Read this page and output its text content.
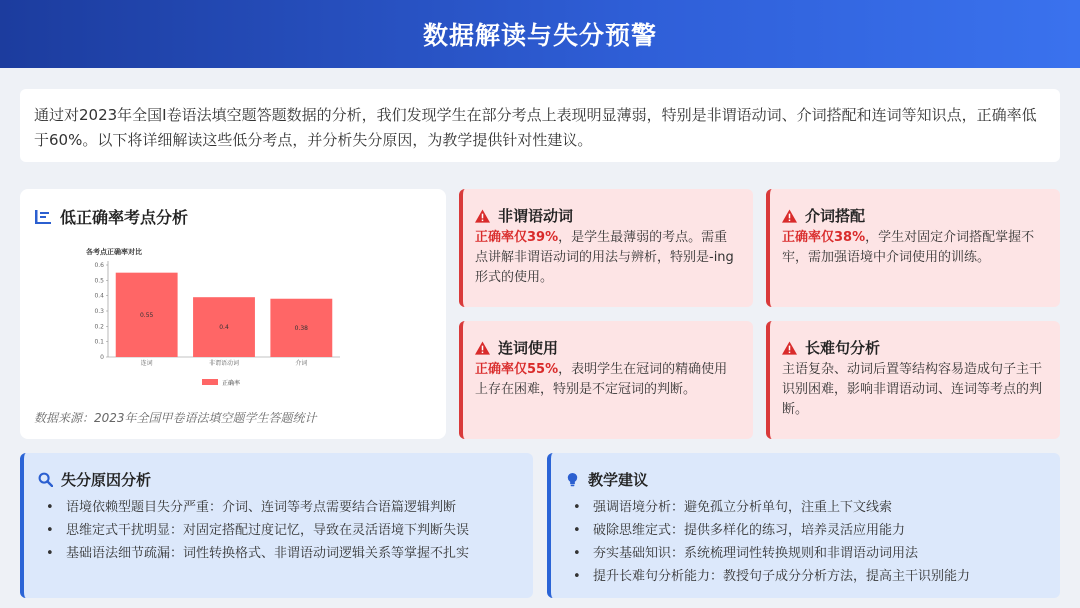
数据解读与失分预警
通过对2023年全国I卷语法填空题答题数据的分析，我们发现学生在部分考点上表现明显薄弱，特别是非谓语动词、介词搭配和连词等知识点，正确率低于60%。以下将详细解读这些低分考点，并分析失分原因，为教学提供针对性建议。
低正确率考点分析
各考点正确率对比
0
0.1
0.2
0.3
0.4
0.5
0.6
0.55
连词
0.4
非谓语动词
0.38
介词
正确率
数据来源：2023年全国甲卷语法填空题学生答题统计
非谓语动词

正确率仅39%，是学生最薄弱的考点。需重点讲解非谓语动词的用法与辨析，特别是-ing形式的使用。

介词搭配

正确率仅38%，学生对固定介词搭配掌握不牢，需加强语境中介词使用的训练。

连词使用

正确率仅55%，表明学生在冠词的精确使用上存在困难，特别是不定冠词的判断。

长难句分析

主语复杂、动词后置等结构容易造成句子主干识别困难，影响非谓语动词、连词等考点的判断。

失分原因分析
• 语境依赖型题目失分严重：介词、连词等考点需要结合语篇逻辑判断
• 思维定式干扰明显：对固定搭配过度记忆，导致在灵活语境下判断失误
• 基础语法细节疏漏：词性转换格式、非谓语动词逻辑关系等掌握不扎实
教学建议
• 强调语境分析：避免孤立分析单句，注重上下文线索
• 破除思维定式：提供多样化的练习，培养灵活应用能力
• 夯实基础知识：系统梳理词性转换规则和非谓语动词用法
• 提升长难句分析能力：教授句子成分分析方法，提高主干识别能力
